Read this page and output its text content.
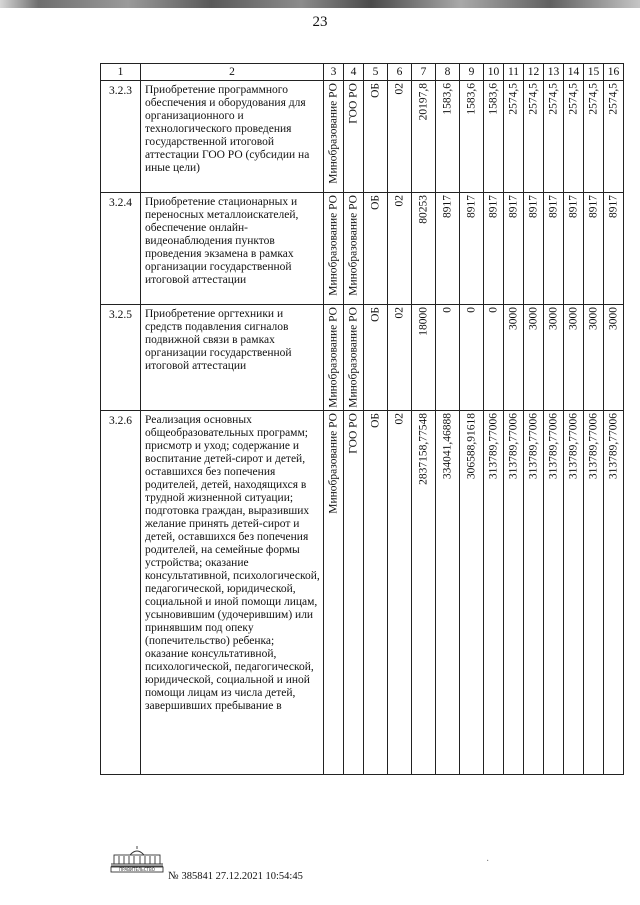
23
1	2	3	4	5	6	7	8	9	10	11	12	13	14	15	16
3.2.3	Приобретение программного обеспечения и оборудования для организационного и технологического проведения государственной итоговой аттестации ГОО РО (субсидии на иные цели)	Минобразование РО	ГОО РО	ОБ	02	20197,8	1583,6	1583,6	1583,6	2574,5	2574,5	2574,5	2574,5	2574,5	2574,5

3.2.4	Приобретение стационарных и переносных металлоискателей, обеспечение онлайн-видеонаблюдения пунктов проведения экзамена в рамках организации государственной итоговой аттестации	Минобразование РО	Минобразование РО	ОБ	02	80253	8917	8917	8917	8917	8917	8917	8917	8917	8917

3.2.5	Приобретение оргтехники и средств подавления сигналов подвижной связи в рамках организации государственной итоговой аттестации	Минобразование РО	Минобразование РО	ОБ	02	18000	0	0	0	3000	3000	3000	3000	3000	3000

3.2.6	Реализация основных общеобразовательных программ; присмотр и уход; содержание и воспитание детей-сирот и детей, оставшихся без попечения родителей, детей, находящихся в трудной жизненной ситуации; подготовка граждан, выразивших желание принять детей-сирот и детей, оставшихся без попечения родителей, на семейные формы устройства; оказание консультативной, психологической, педагогической, юридической, социальной и иной помощи лицам, усыновившим (удочерившим) или принявшим под опеку (попечительство) ребенка; оказание консультативной, психологической, педагогической, юридической, социальной и иной помощи лицам из числа детей, завершивших пребывание в	Минобразование РО	ГОО РО	ОБ	02	2837158,77548	334041,46888	306588,91618	313789,77006	313789,77006	313789,77006	313789,77006	313789,77006	313789,77006	313789,77006
ПРАВИТЕЛЬСТВО
№ 385841 27.12.2021 10:54:45
·
